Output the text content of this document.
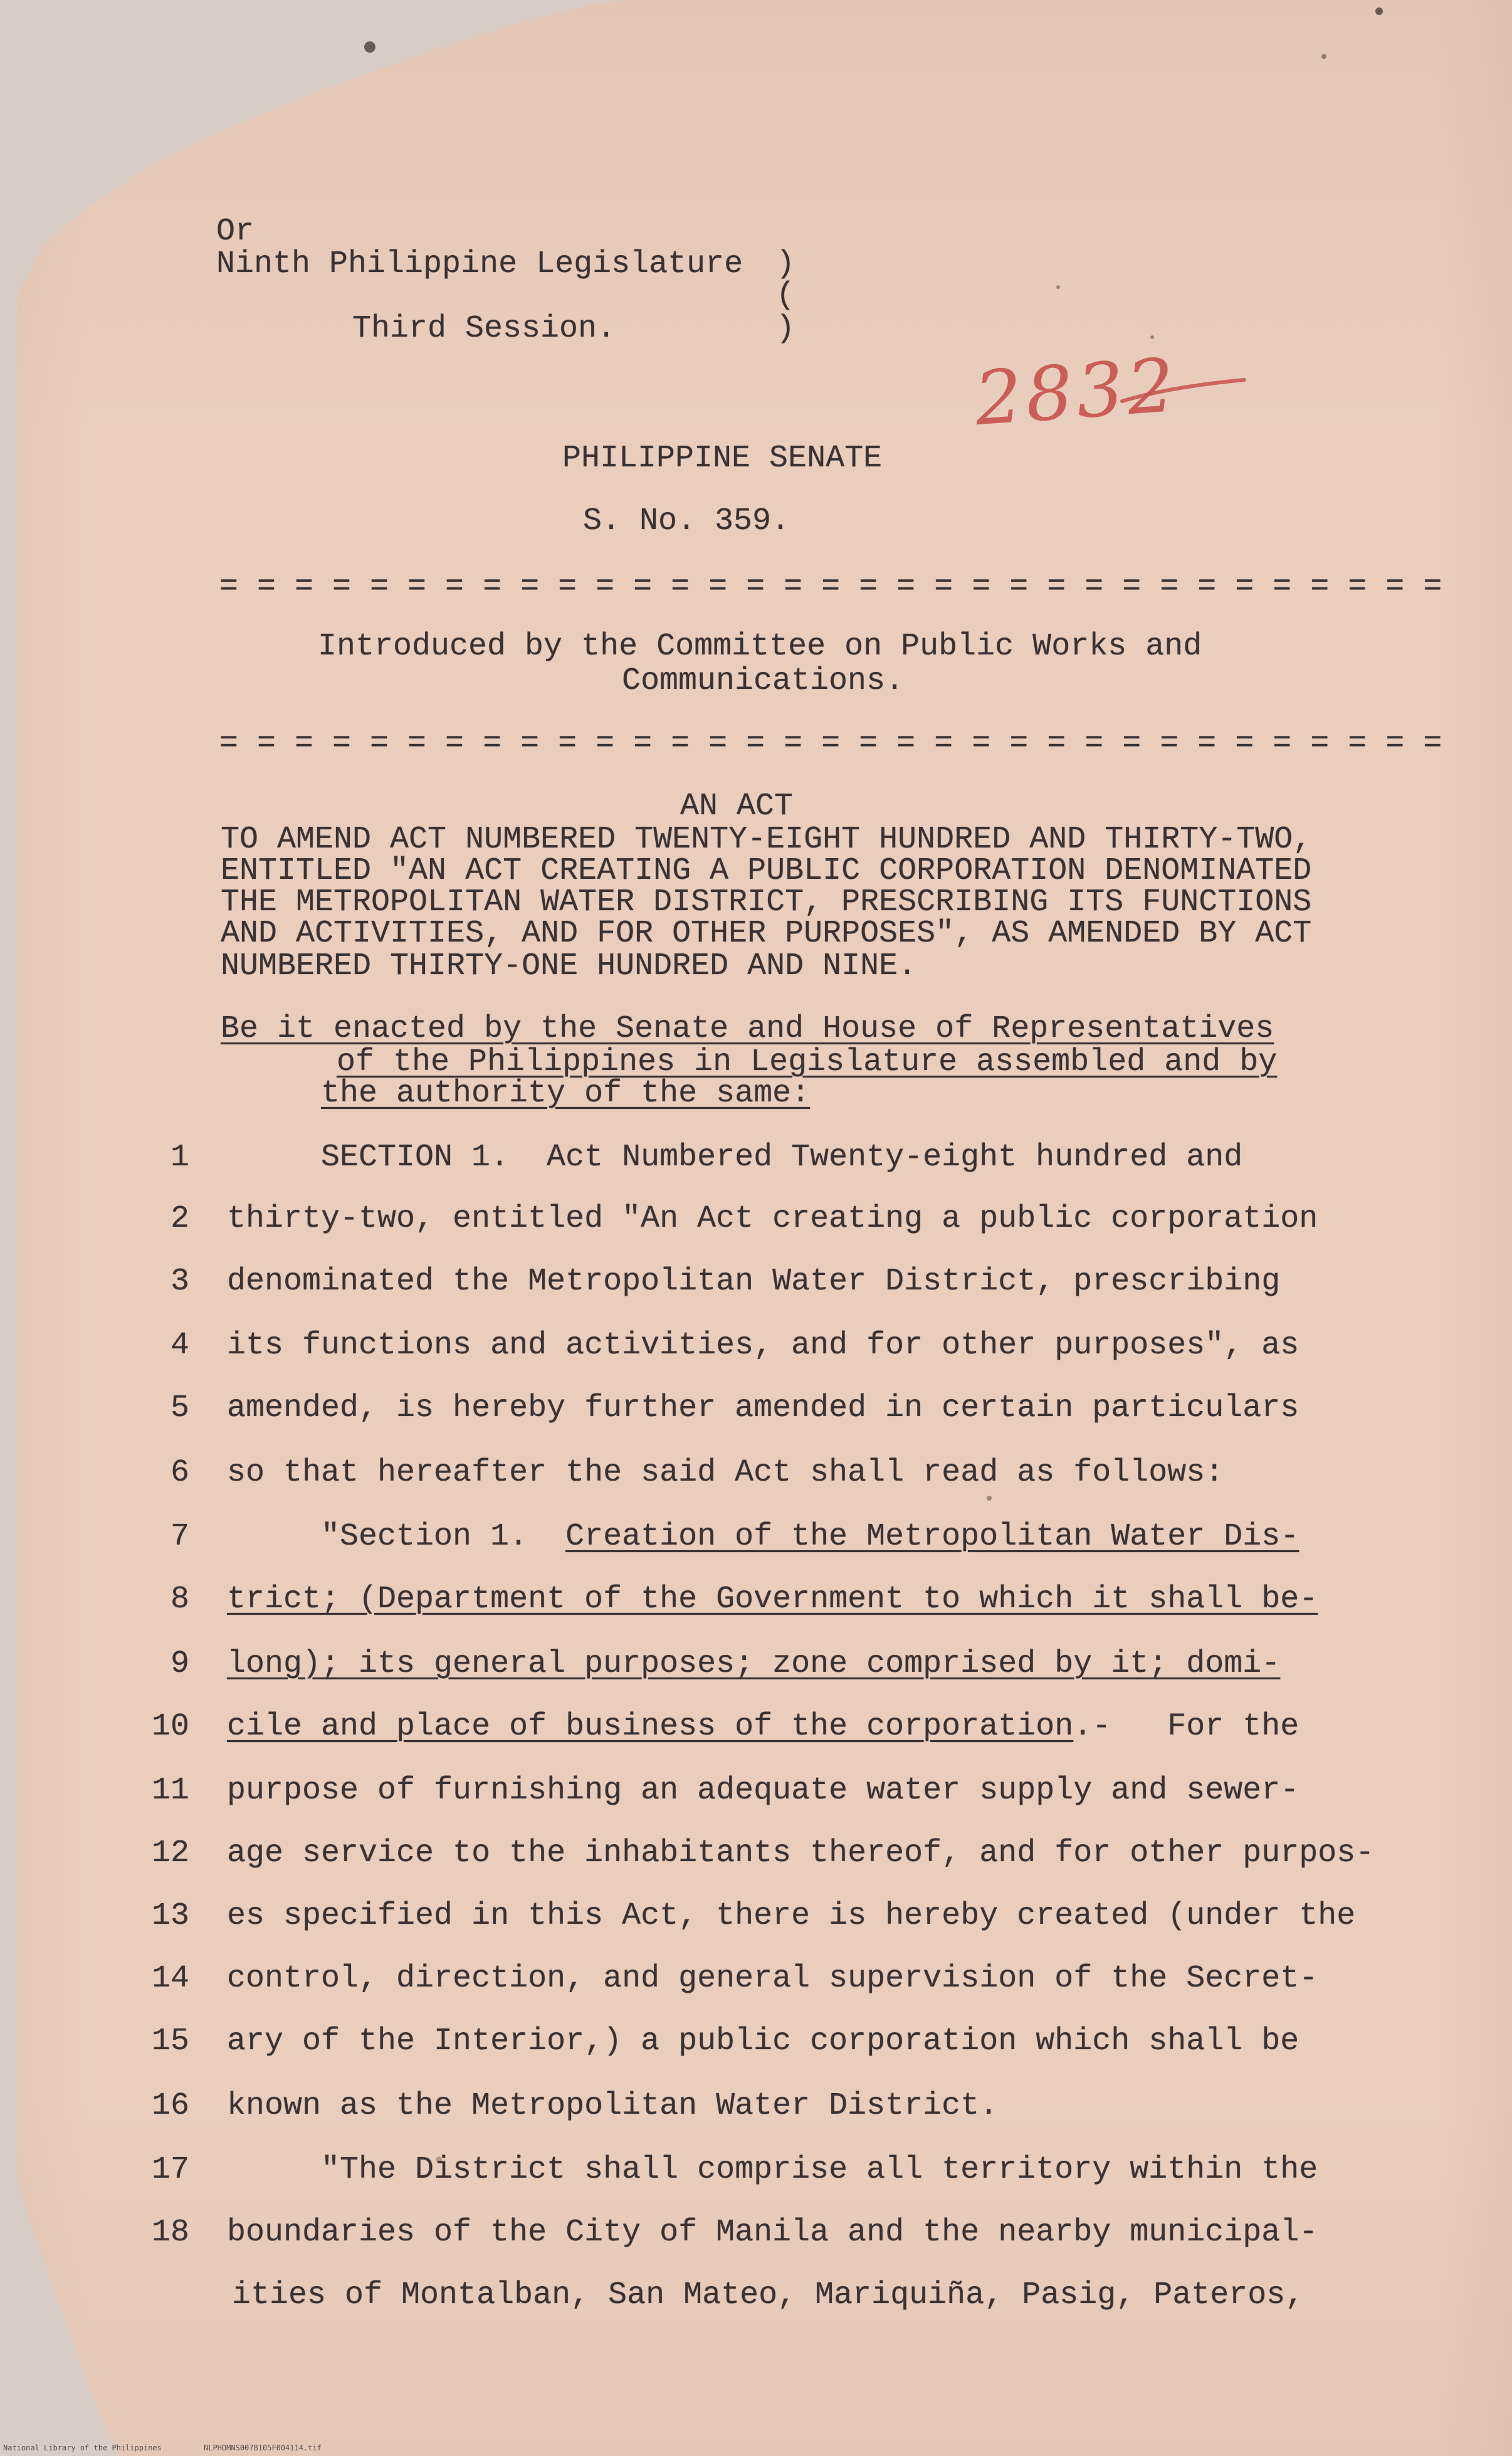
Or
Ninth Philippine Legislature )
(
Third Session.	)
2832
PHILIPPINE SENATE
S. No. 359.
= = = = = = = = = = = = = = = = = = = = = = = = = = = = = = = = =
Introduced by the Committee on Public Works and
Communications.
= = = = = = = = = = = = = = = = = = = = = = = = = = = = = = = = =
AN ACT
TO AMEND ACT NUMBERED TWENTY-EIGHT HUNDRED AND THIRTY-TWO,
ENTITLED "AN ACT CREATING A PUBLIC CORPORATION DENOMINATED
THE METROPOLITAN WATER DISTRICT, PRESCRIBING ITS FUNCTIONS
AND ACTIVITIES, AND FOR OTHER PURPOSES", AS AMENDED BY ACT
NUMBERED THIRTY-ONE HUNDRED AND NINE.
Be it enacted by the Senate and House of Representatives
of the Philippines in Legislature assembled and by
the authority of the same:
1	SECTION 1.  Act Numbered Twenty-eight hundred and
2 thirty-two, entitled "An Act creating a public corporation
3 denominated the Metropolitan Water District, prescribing
4 its functions and activities, and for other purposes", as
5 amended, is hereby further amended in certain particulars
6 so that hereafter the said Act shall read as follows:
7	"Section 1.  Creation of the Metropolitan Water Dis-
8 trict; (Department of the Government to which it shall be-
9 long); its general purposes; zone comprised by it; domi-
10 cile and place of business of the corporation.-   For the
11 purpose of furnishing an adequate water supply and sewer-
12 age service to the inhabitants thereof, and for other purpos-
13 es specified in this Act, there is hereby created (under the
14 control, direction, and general supervision of the Secret-
15 ary of the Interior,) a public corporation which shall be
16 known as the Metropolitan Water District.
17	"The District shall comprise all territory within the
18 boundaries of the City of Manila and the nearby municipal-
ities of Montalban, San Mateo, Mariquiña, Pasig, Pateros,
National Library of the Philippines	NLPHOMNS007B105F004114.tif
